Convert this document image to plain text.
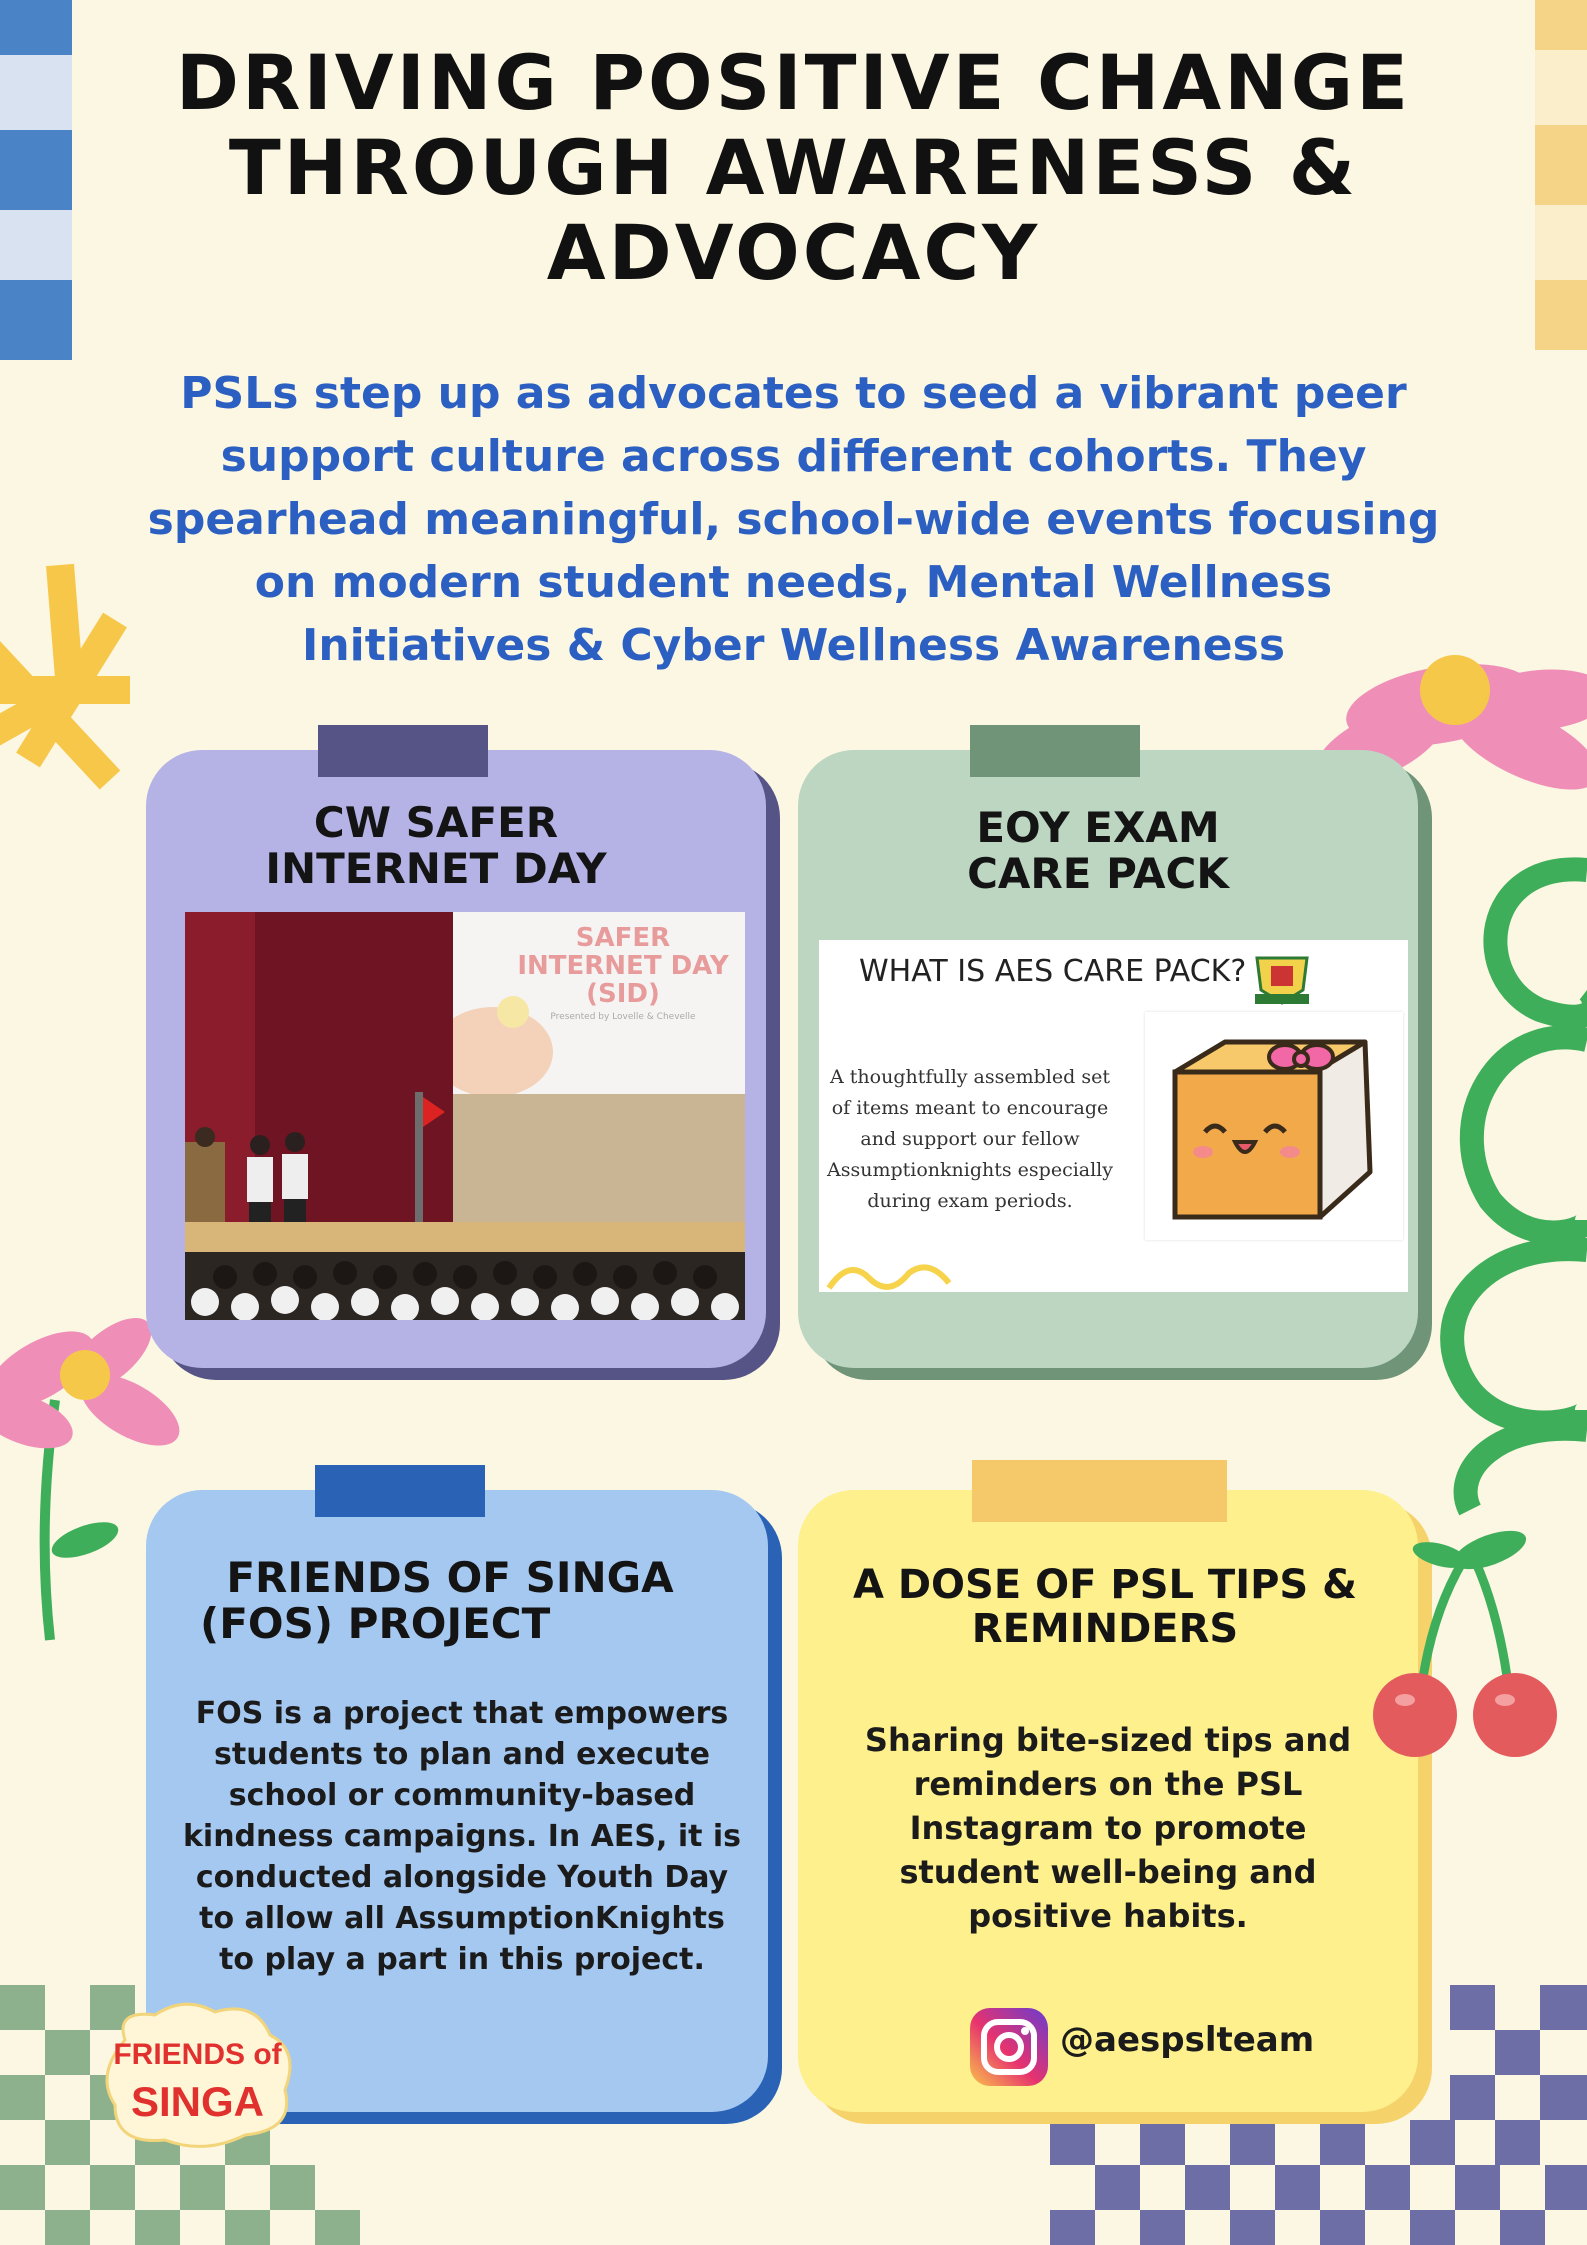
DRIVING POSITIVE CHANGE
THROUGH AWARENESS & ADVOCACY
PSLs step up as advocates to seed a vibrant peer
support culture across different cohorts. They
spearhead meaningful, school-wide events focusing
on modern student needs, Mental Wellness
Initiatives & Cyber Wellness Awareness
CW SAFER
INTERNET DAY
SAFER
INTERNET DAY
(SID)
Presented by Lovelle & Chevelle
EOY EXAM
CARE PACK
WHAT IS AES CARE PACK?
A thoughtfully assembled set
of items meant to encourage
and support our fellow
Assumptionknights especially
during exam periods.
FRIENDS OF SINGA
(FOS) PROJECT
FOS is a project that empowers
students to plan and execute
school or community-based
kindness campaigns. In AES, it is
conducted alongside Youth Day
to allow all AssumptionKnights
to play a part in this project.
A DOSE OF PSL TIPS &
REMINDERS
Sharing bite-sized tips and
reminders on the PSL
Instagram to promote
student well-being and
positive habits.
@aespslteam
FRIENDS of
SINGA
